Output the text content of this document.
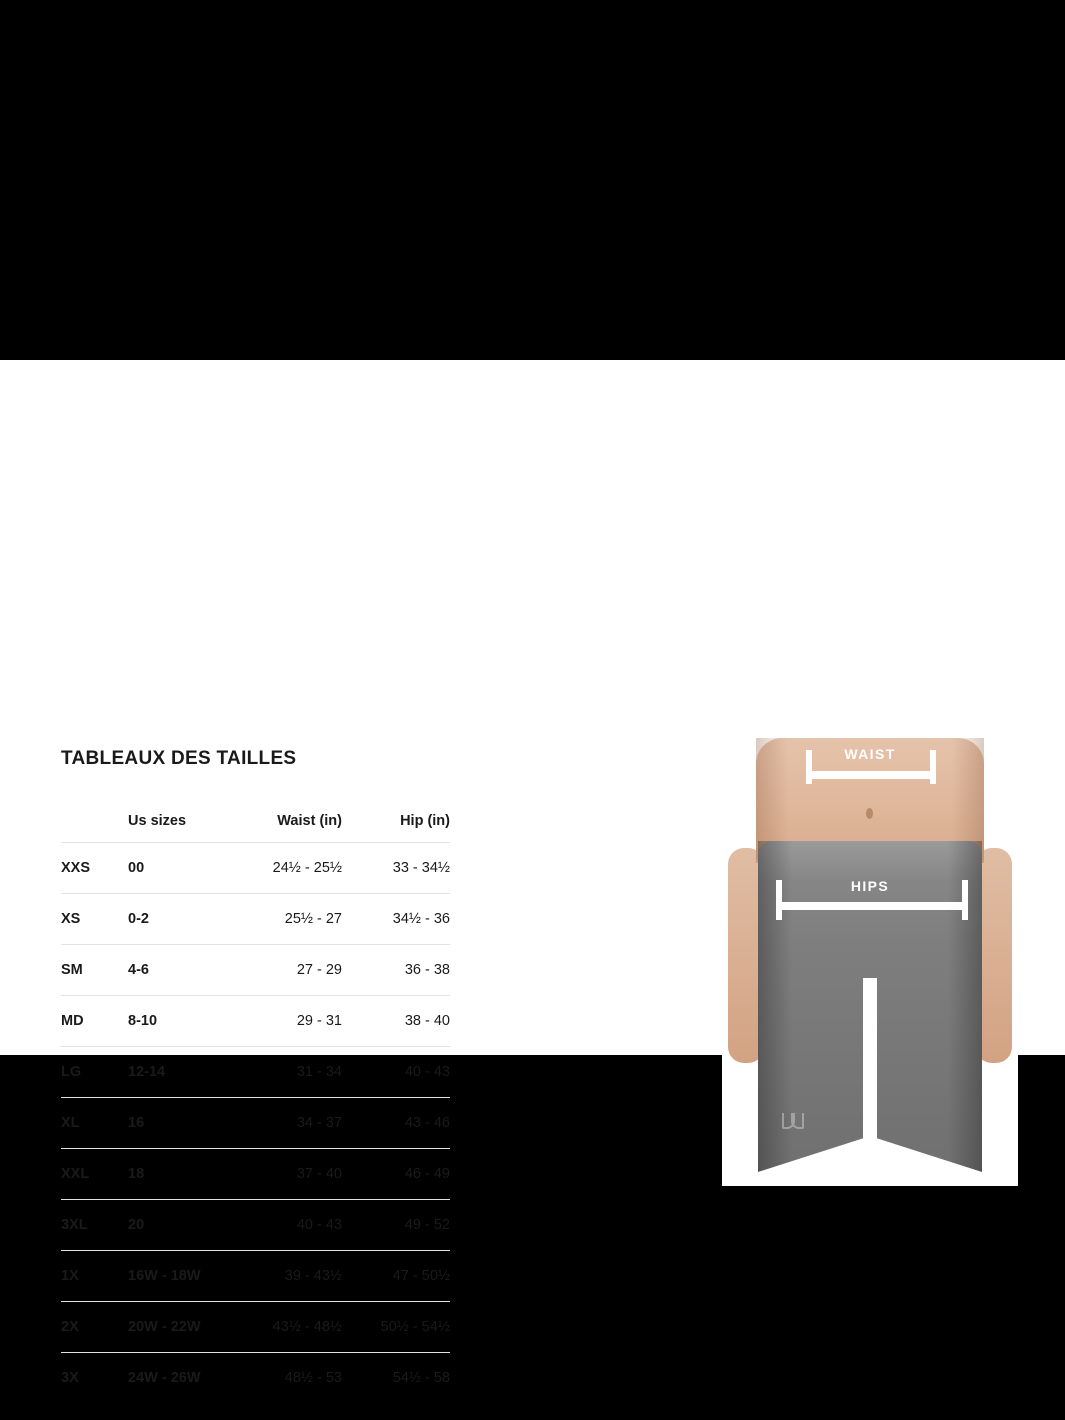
TABLEAUX DES TAILLES
	Us sizes	Waist (in)	Hip (in)
XXS	00	24½ - 25½	33 - 34½
XS	0-2	25½ - 27	34½ - 36
SM	4-6	27 - 29	36 - 38
MD	8-10	29 - 31	38 - 40
LG	12-14	31 - 34	40 - 43
XL	16	34 - 37	43 - 46
XXL	18	37 - 40	46 - 49
3XL	20	40 - 43	49 - 52
1X	16W - 18W	39 - 43½	47 - 50½
2X	20W - 22W	43½ - 48½	50½ - 54½
3X	24W - 26W	48½ - 53	54½ - 58
WAIST
HIPS
